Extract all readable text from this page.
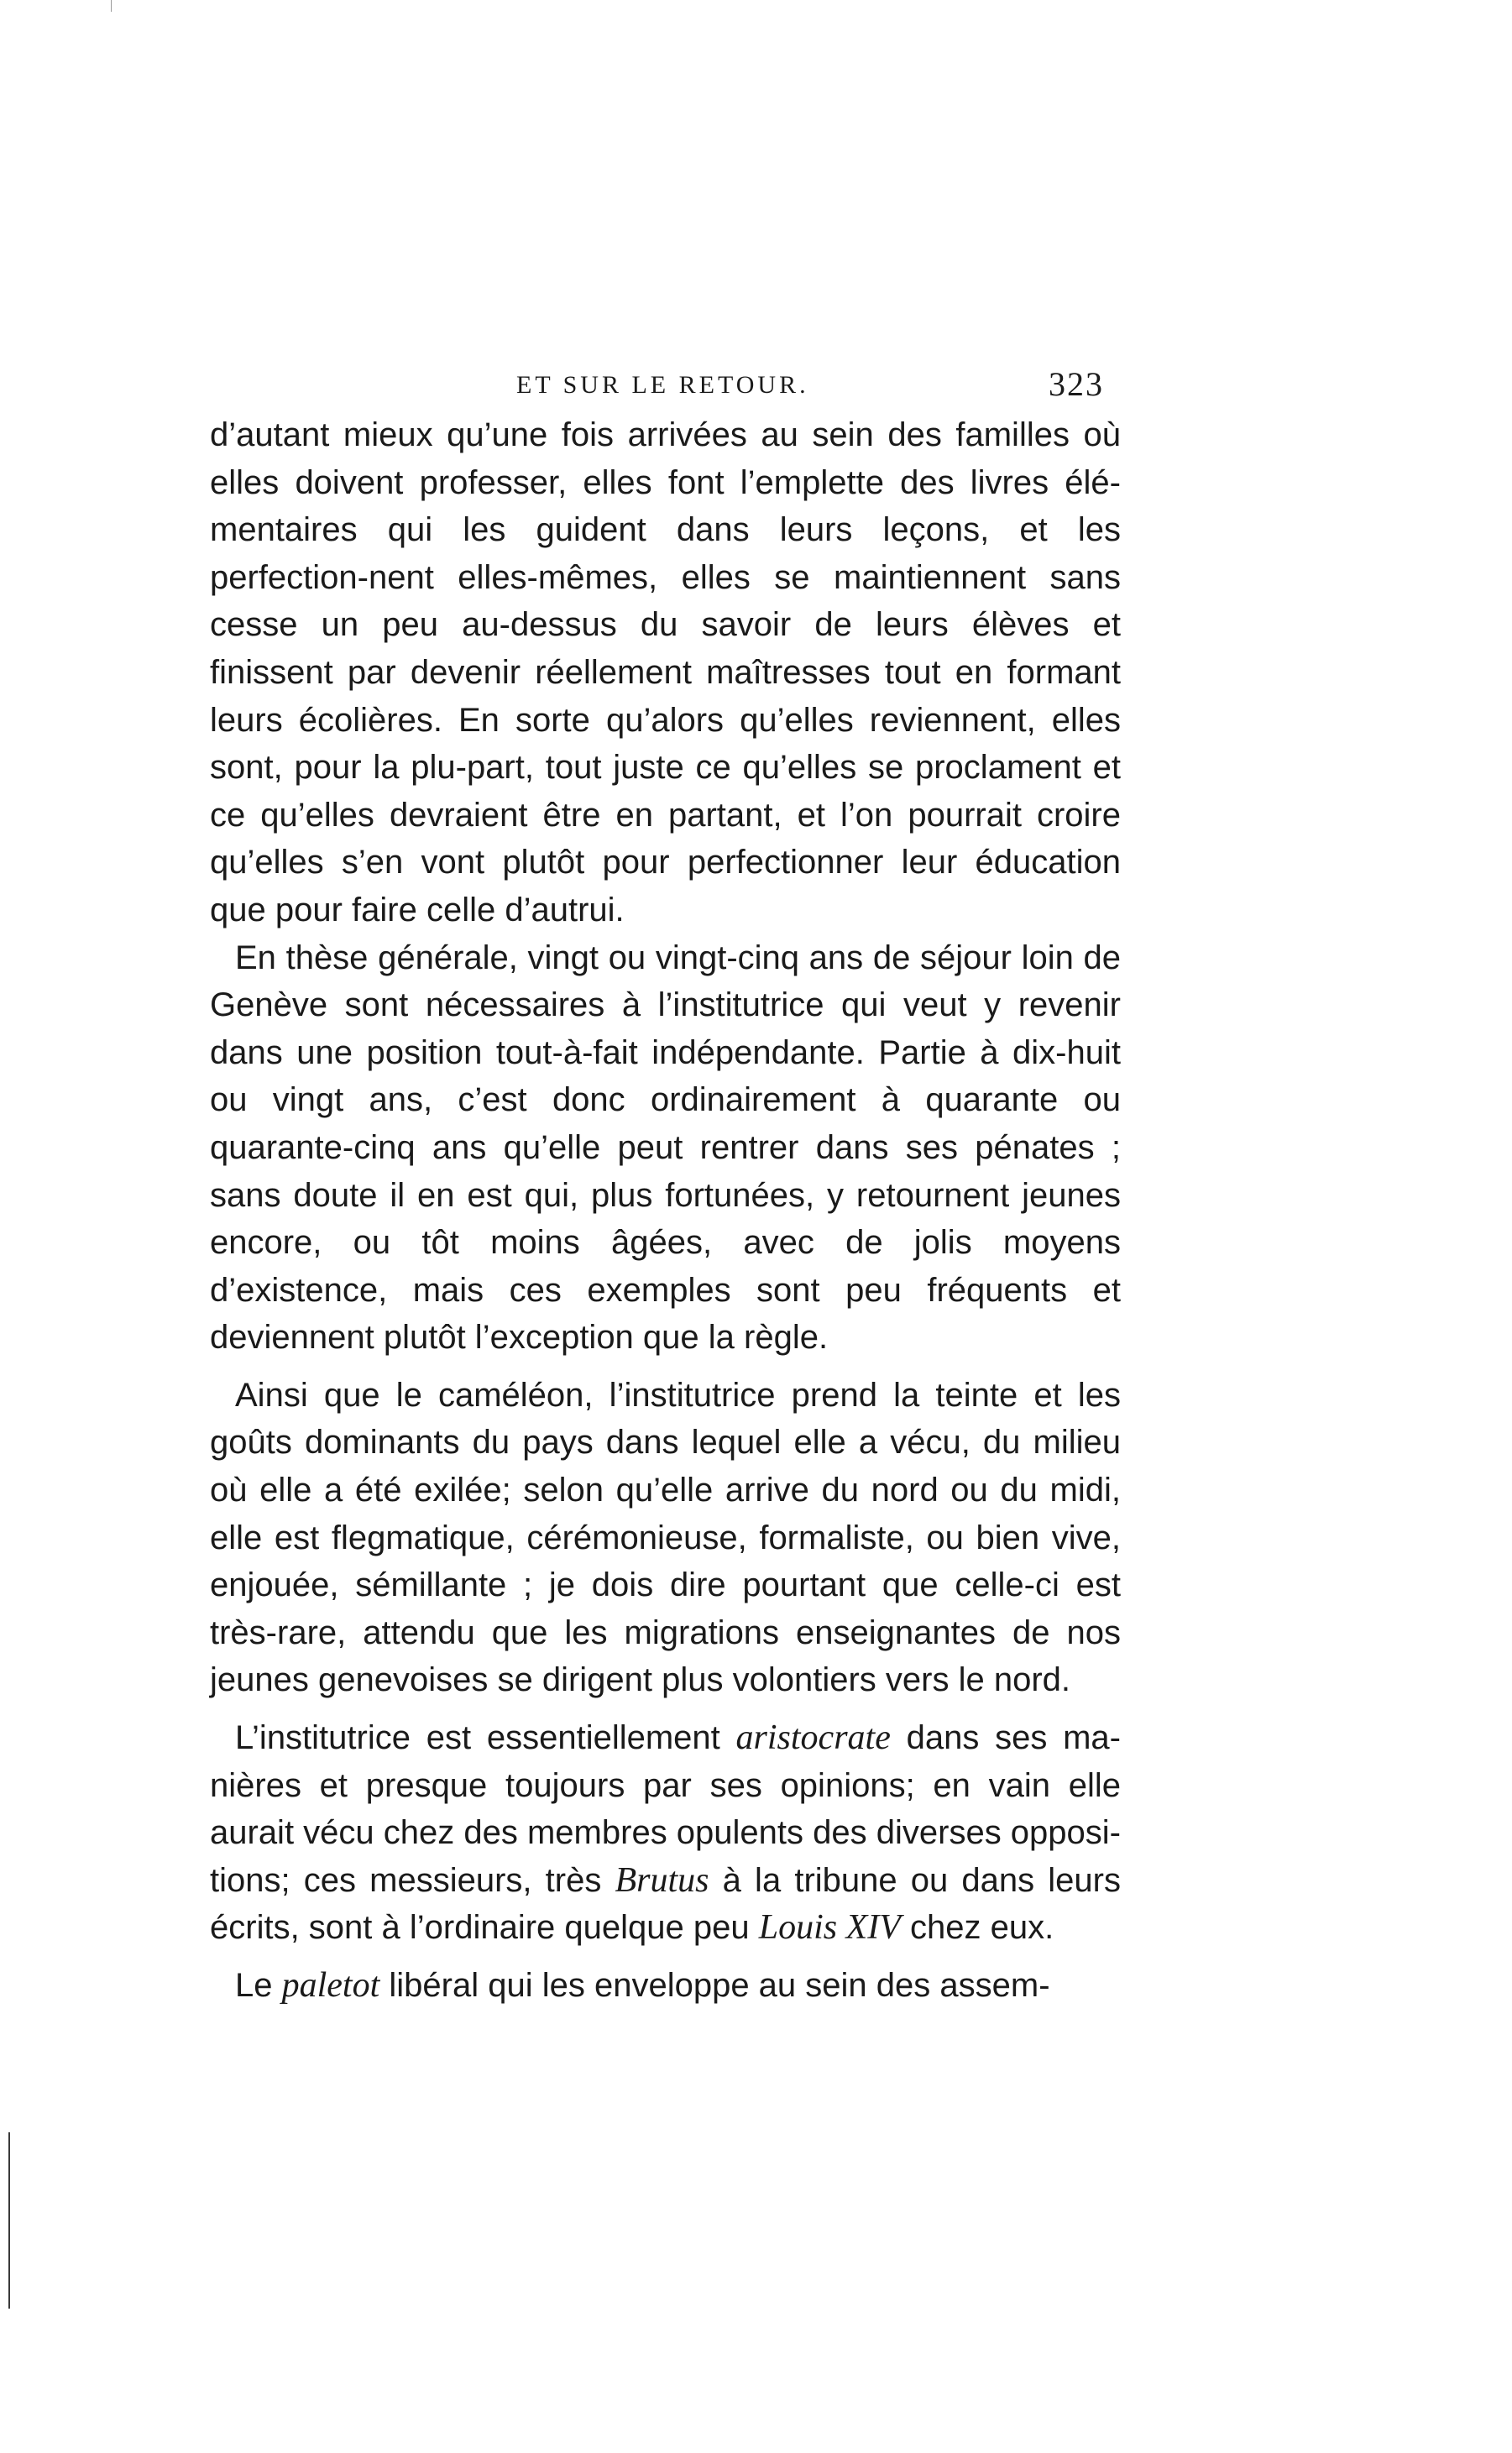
ET SUR LE RETOUR.	323

d’autant mieux qu’une fois arrivées au sein des familles où elles doivent professer, elles font l’emplette des livres élé-mentaires qui les guident dans leurs leçons, et les perfection-nent elles-mêmes, elles se maintiennent sans cesse un peu au-dessus du savoir de leurs élèves et finissent par devenir réellement maîtresses tout en formant leurs écolières. En sorte qu’alors qu’elles reviennent, elles sont, pour la plu-part, tout juste ce qu’elles se proclament et ce qu’elles devraient être en partant, et l’on pourrait croire qu’elles s’en vont plutôt pour perfectionner leur éducation que pour faire celle d’autrui.

En thèse générale, vingt ou vingt-cinq ans de séjour loin de Genève sont nécessaires à l’institutrice qui veut y revenir dans une position tout-à-fait indépendante. Partie à dix-huit ou vingt ans, c’est donc ordinairement à quarante ou quarante-cinq ans qu’elle peut rentrer dans ses pénates ; sans doute il en est qui, plus fortunées, y retournent jeunes encore, ou tôt moins âgées, avec de jolis moyens d’existence, mais ces exemples sont peu fréquents et deviennent plutôt l’exception que la règle.

Ainsi que le caméléon, l’institutrice prend la teinte et les goûts dominants du pays dans lequel elle a vécu, du milieu où elle a été exilée; selon qu’elle arrive du nord ou du midi, elle est flegmatique, cérémonieuse, formaliste, ou bien vive, enjouée, sémillante ; je dois dire pourtant que celle-ci est très-rare, attendu que les migrations enseignantes de nos jeunes genevoises se dirigent plus volontiers vers le nord.

L’institutrice est essentiellement aristocrate dans ses ma-nières et presque toujours par ses opinions; en vain elle aurait vécu chez des membres opulents des diverses opposi-tions; ces messieurs, très Brutus à la tribune ou dans leurs écrits, sont à l’ordinaire quelque peu Louis XIV chez eux.

Le paletot libéral qui les enveloppe au sein des assem-
